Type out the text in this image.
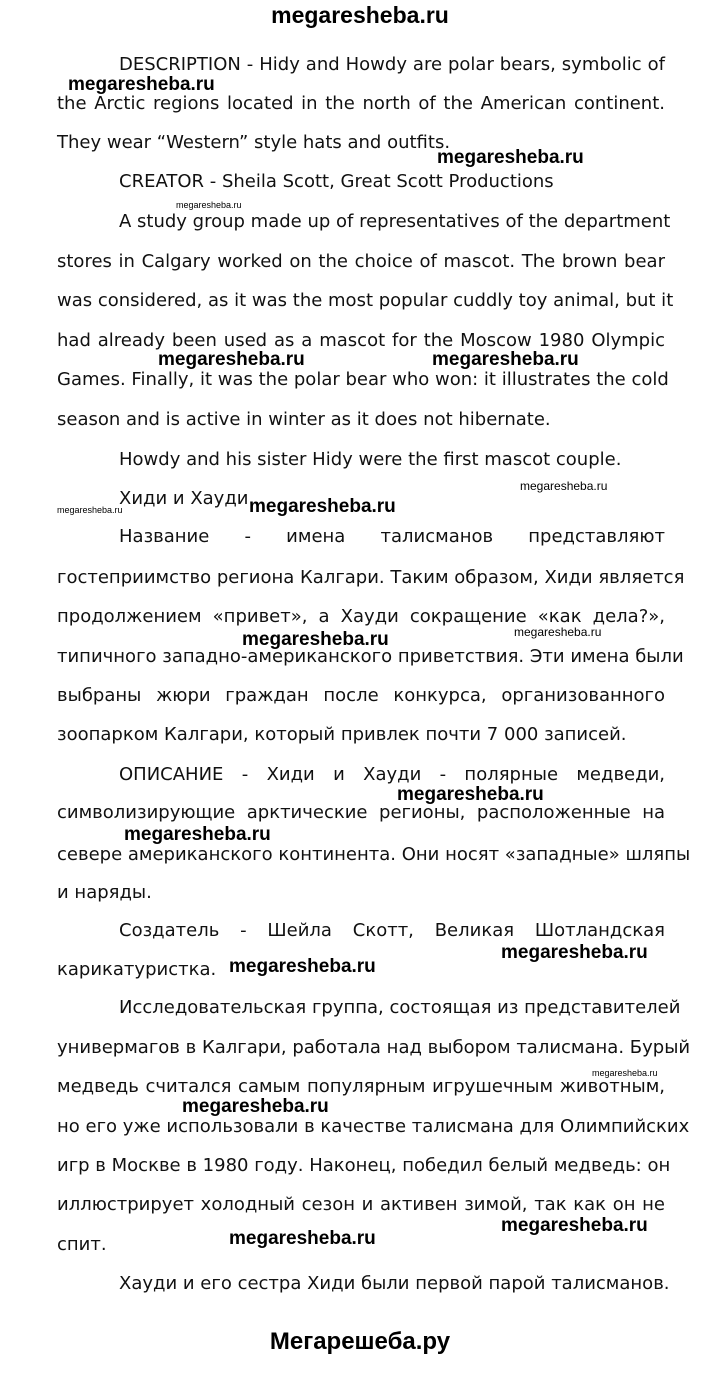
megaresheba.ru
DESCRIPTION - Hidy and Howdy are polar bears, symbolic of
the Arctic regions located in the north of the American continent.
They wear “Western” style hats and outfits.
CREATOR - Sheila Scott, Great Scott Productions
A study group made up of representatives of the department
stores in Calgary worked on the choice of mascot. The brown bear
was considered, as it was the most popular cuddly toy animal, but it
had already been used as a mascot for the Moscow 1980 Olympic
Games. Finally, it was the polar bear who won: it illustrates the cold
season and is active in winter as it does not hibernate.
Howdy and his sister Hidy were the first mascot couple.
Хиди и Хауди.
Название - имена талисманов представляют
гостеприимство региона Калгари. Таким образом, Хиди является
продолжением «привет», а Хауди сокращение «как дела?»,
типичного западно-американского приветствия. Эти имена были
выбраны жюри граждан после конкурса, организованного
зоопарком Калгари, который привлек почти 7 000 записей.
ОПИСАНИЕ - Хиди и Хауди - полярные медведи,
символизирующие арктические регионы, расположенные на
севере американского континента. Они носят «западные» шляпы
и наряды.
Создатель - Шейла Скотт, Великая Шотландская
карикатуристка.
Исследовательская группа, состоящая из представителей
универмагов в Калгари, работала над выбором талисмана. Бурый
медведь считался самым популярным игрушечным животным,
но его уже использовали в качестве талисмана для Олимпийских
игр в Москве в 1980 году. Наконец, победил белый медведь: он
иллюстрирует холодный сезон и активен зимой, так как он не
спит.
Хауди и его сестра Хиди были первой парой талисманов.
megaresheba.ru
megaresheba.ru
megaresheba.ru
megaresheba.ru	megaresheba.ru
megaresheba.ru
megaresheba.ru
megaresheba.ru
megaresheba.ru
megaresheba.ru
megaresheba.ru
megaresheba.ru
megaresheba.ru
megaresheba.ru
megaresheba.ru
megaresheba.ru
megaresheba.ru
megaresheba.ru
Мегарешеба.ру
